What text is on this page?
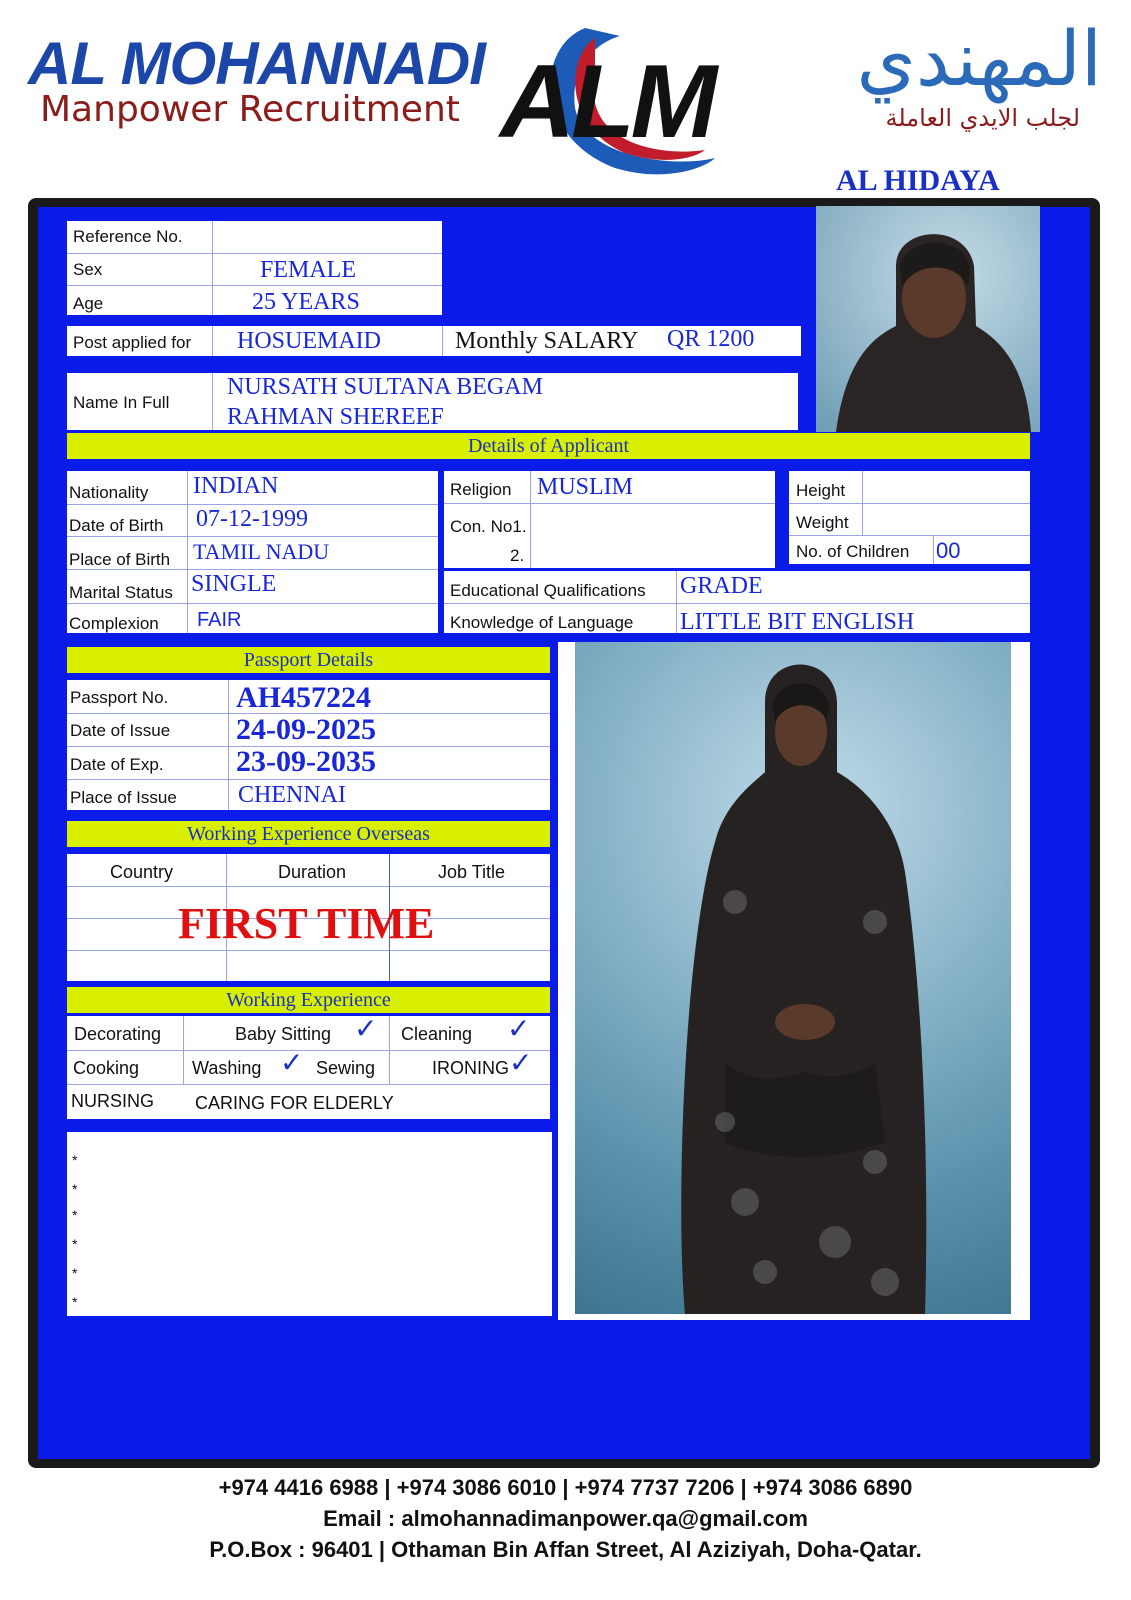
AL MOHANNADI
Manpower Recruitment ALM	المهندي
لجلب الايدي العاملة
AL HIDAYA
Reference No.
Sex	FEMALE
Age	25 YEARS
Post applied for HOSUEMAID	Monthly SALARY QR 1200
Name In Full
NURSATH SULTANA BEGAM
RAHMAN SHEREEF
Details of Applicant
Nationality INDIAN
Date of Birth 07-12-1999
Place of Birth TAMIL NADU
Marital Status SINGLE
Complexion FAIR
Religion MUSLIM
Con. No1.
2.
Height
Weight
No. of Children 00
Educational Qualifications GRADE
Knowledge of Language LITTLE BIT ENGLISH
Passport Details
Passport No. AH457224
Date of Issue 24-09-2025
Date of Exp. 23-09-2035
Place of Issue	CHENNAI
Working Experience Overseas
Country	Duration	Job Title
FIRST TIME
Working Experience
Decorating	Baby Sitting ✓ Cleaning ✓
Cooking	Washing ✓ Sewing	IRONING ✓
NURSING CARING FOR ELDERLY
*
*
*
*
*
*
+974 4416 6988 | +974 3086 6010 | +974 7737 7206 | +974 3086 6890
Email : almohannadimanpower.qa@gmail.com
P.O.Box : 96401 | Othaman Bin Affan Street, Al Aziziyah, Doha-Qatar.
